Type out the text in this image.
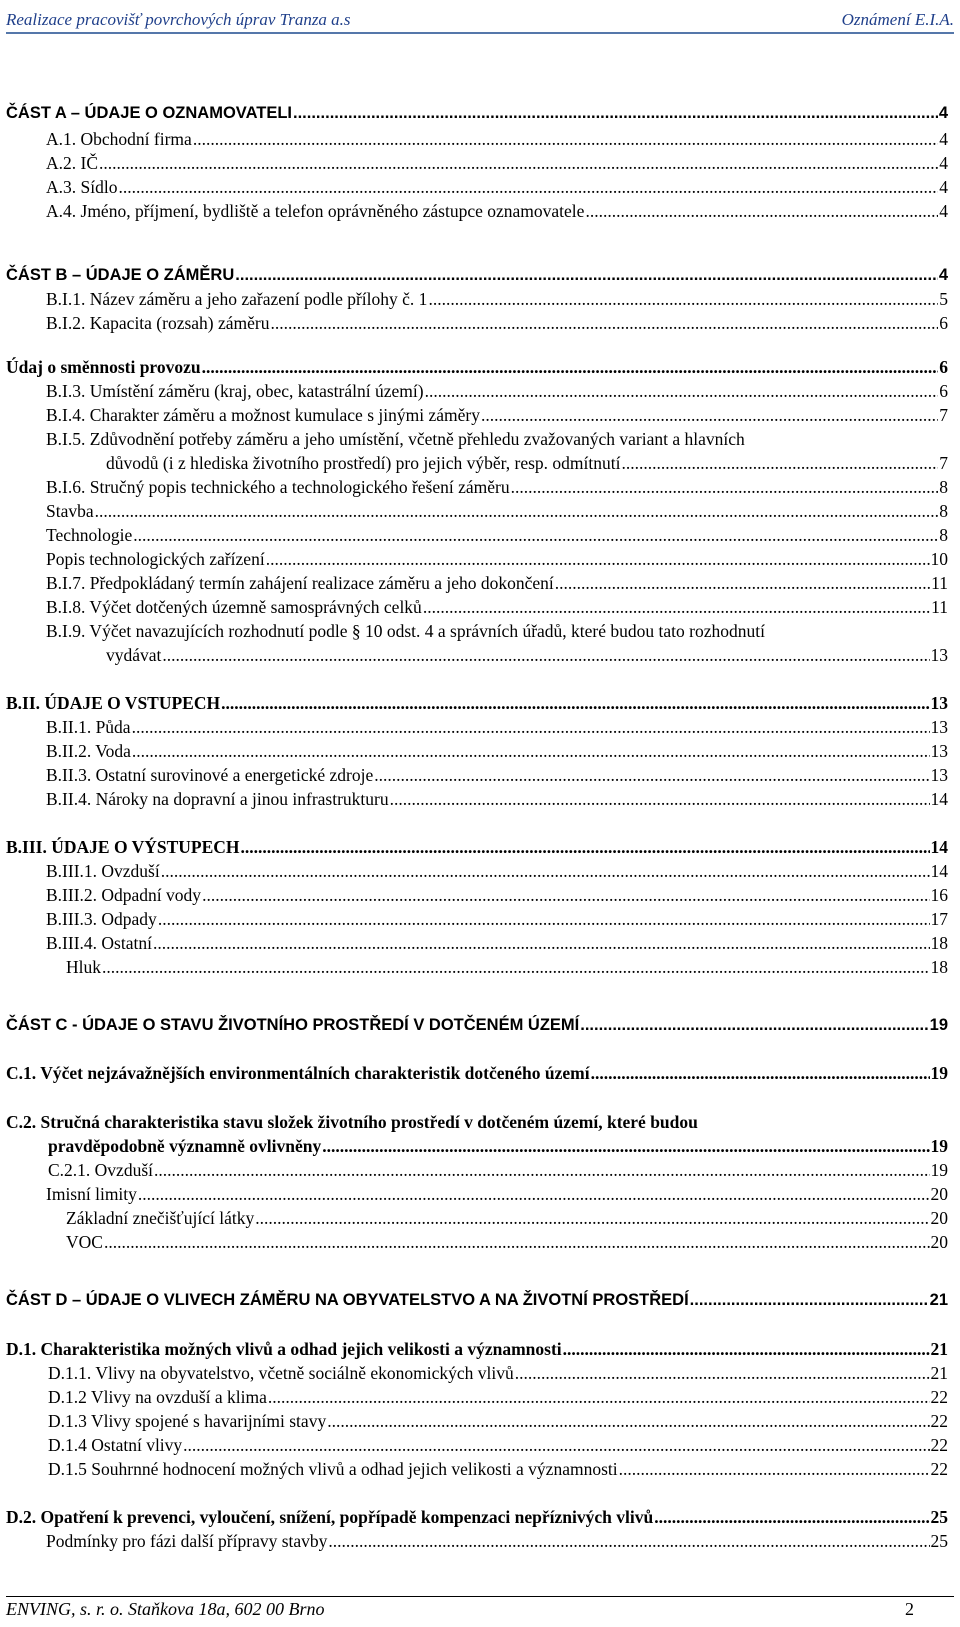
Realizace pracovišť povrchových úprav Tranza a.s	Oznámení E.I.A.
ČÁST A – ÚDAJE O OZNAMOVATELI .....	4
A.1. Obchodní firma .....	4
A.2. IČ .....	4
A.3. Sídlo .....	4
A.4. Jméno, příjmení, bydliště a telefon oprávněného zástupce oznamovatele .....	4
ČÁST B – ÚDAJE O ZÁMĚRU .....	4
B.I.1. Název záměru a jeho zařazení podle přílohy č. 1 .....	5
B.I.2. Kapacita (rozsah) záměru .....	6
Údaj o směnnosti provozu .....	6
B.I.3. Umístění záměru (kraj, obec, katastrální území) .....	6
B.I.4. Charakter záměru a možnost kumulace s jinými záměry .....	7
B.I.5. Zdůvodnění potřeby záměru a jeho umístění, včetně přehledu zvažovaných variant a hlavních
důvodů (i z hlediska životního prostředí) pro jejich výběr, resp. odmítnutí .....	7
B.I.6. Stručný popis technického a technologického řešení záměru .....	8
Stavba .....	8
Technologie .....	8
Popis technologických zařízení .....	10
B.I.7. Předpokládaný termín zahájení realizace záměru a jeho dokončení .....	11
B.I.8. Výčet dotčených územně samosprávných celků .....	11
B.I.9. Výčet navazujících rozhodnutí podle § 10 odst. 4 a správních úřadů, které budou tato rozhodnutí
vydávat .....	13
B.II. ÚDAJE O VSTUPECH .....	13
B.II.1. Půda .....	13
B.II.2. Voda .....	13
B.II.3. Ostatní surovinové a energetické zdroje .....	13
B.II.4. Nároky na dopravní a jinou infrastrukturu .....	14
B.III. ÚDAJE O VÝSTUPECH .....	14
B.III.1. Ovzduší .....	14
B.III.2. Odpadní vody .....	16
B.III.3. Odpady .....	17
B.III.4. Ostatní .....	18
Hluk .....	18
ČÁST C - ÚDAJE O STAVU ŽIVOTNÍHO PROSTŘEDÍ V DOTČENÉM ÚZEMÍ .....	19
C.1. Výčet nejzávažnějších environmentálních charakteristik dotčeného území .....	19
C.2. Stručná charakteristika stavu složek životního prostředí v dotčeném území, které budou
pravděpodobně významně ovlivněny .....	19
C.2.1. Ovzduší .....	19
Imisní limity .....	20
Základní znečišťující látky .....	20
VOC .....	20
ČÁST D – ÚDAJE O VLIVECH ZÁMĚRU NA OBYVATELSTVO A NA ŽIVOTNÍ PROSTŘEDÍ .....	21
D.1. Charakteristika možných vlivů a odhad jejich velikosti a významnosti .....	21
D.1.1. Vlivy na obyvatelstvo, včetně sociálně ekonomických vlivů .....	21
D.1.2 Vlivy na ovzduší a klima .....	22
D.1.3 Vlivy spojené s havarijními stavy .....	22
D.1.4 Ostatní vlivy .....	22
D.1.5 Souhrnné hodnocení možných vlivů a odhad jejich velikosti a významnosti .....	22
D.2. Opatření k prevenci, vyloučení, snížení, popřípadě kompenzaci nepříznivých vlivů .....	25
Podmínky pro fázi další přípravy stavby .....	25
ENVING, s. r. o. Staňkova 18a, 602 00 Brno	2
